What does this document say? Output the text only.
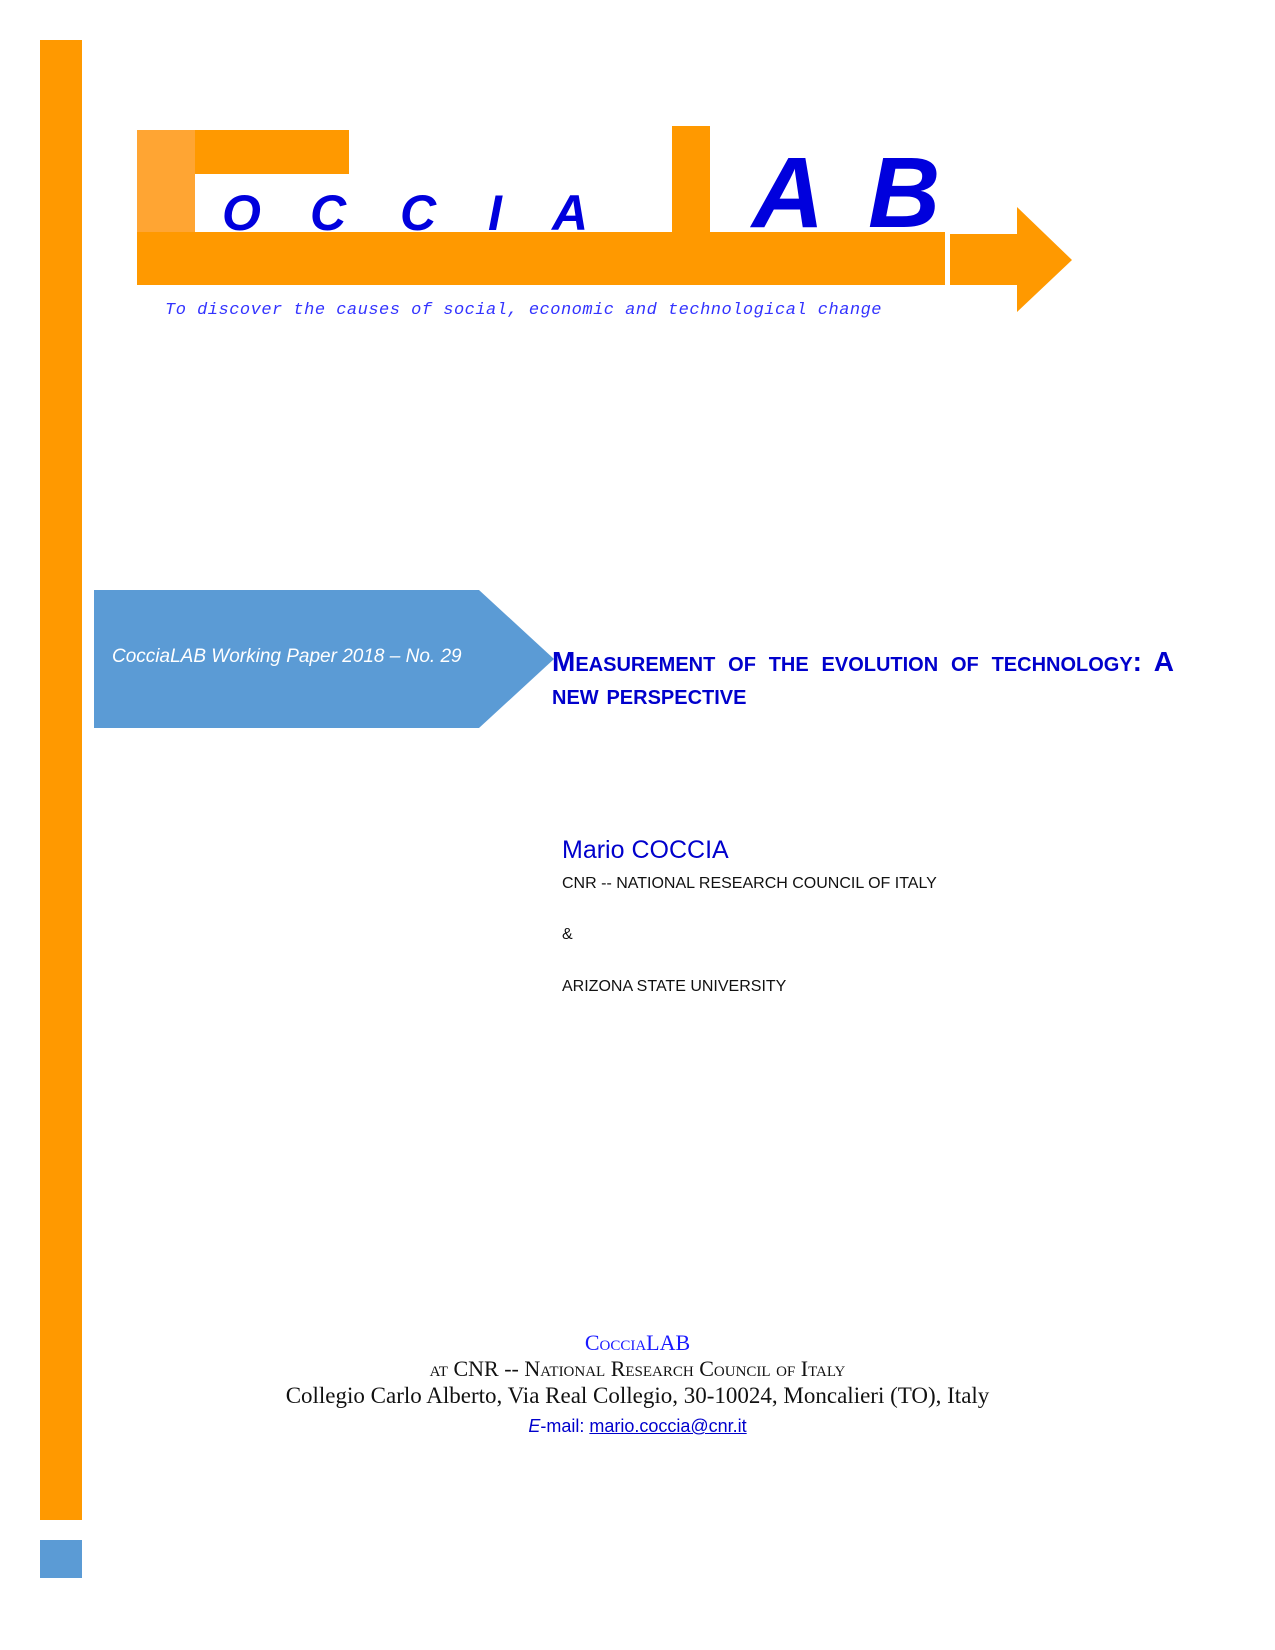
O C C I A A B
To discover the causes of social, economic and technological change
CocciaLAB Working Paper 2018 – No. 29	Measurement of the evolution of technology: A new perspective
Mario COCCIA
CNR -- NATIONAL RESEARCH COUNCIL OF ITALY
&
ARIZONA STATE UNIVERSITY
CocciaLAB
at CNR -- National Research Council of Italy
Collegio Carlo Alberto, Via Real Collegio, 30-10024, Moncalieri (TO), Italy
E-mail: mario.coccia@cnr.it
